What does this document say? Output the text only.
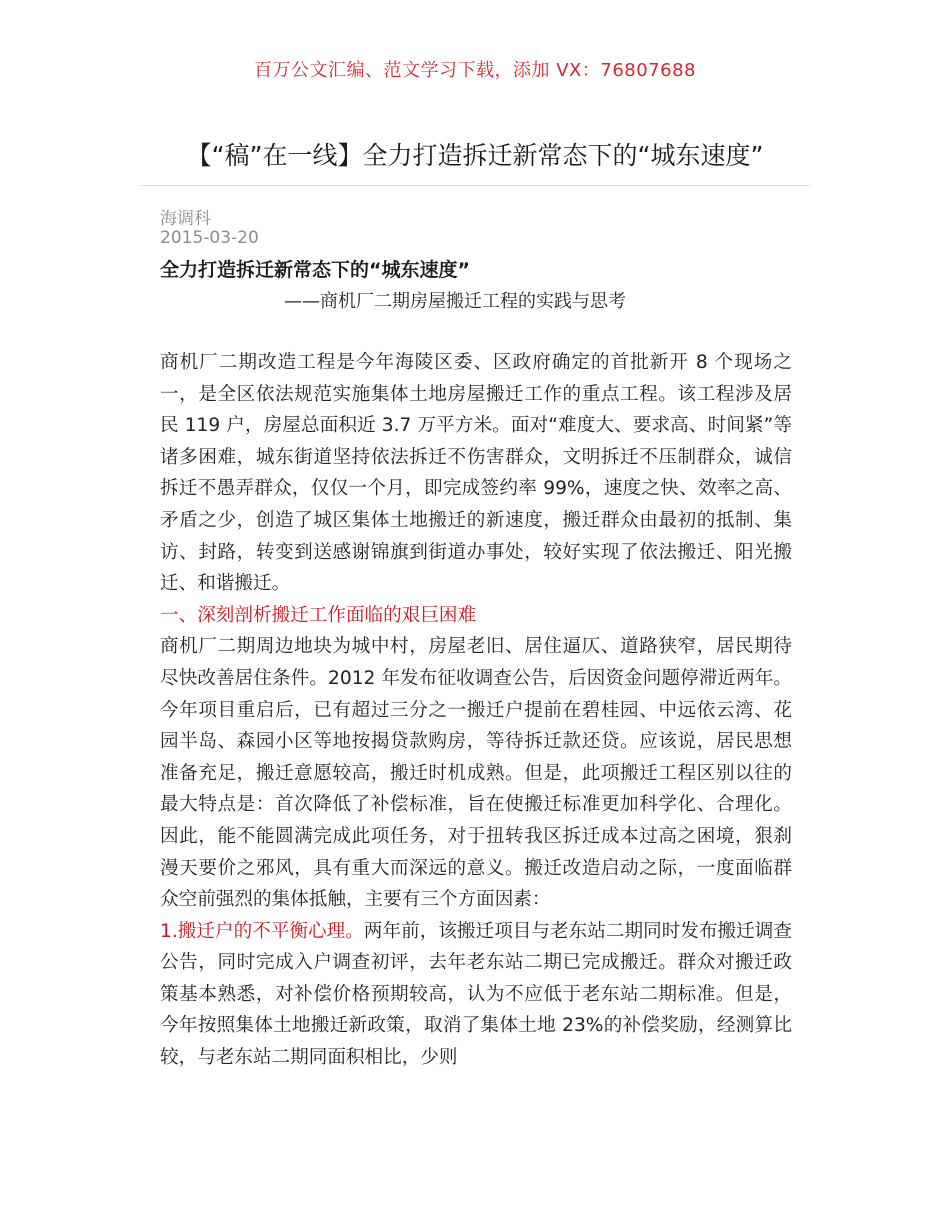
百万公文汇编、范文学习下载，添加 VX：76807688
【“稿”在一线】全力打造拆迁新常态下的“城东速度”
海调科
2015-03-20
全力打造拆迁新常态下的“城东速度”
——商机厂二期房屋搬迁工程的实践与思考

商机厂二期改造工程是今年海陵区委、区政府确定的首批新开 8 个现场之一，是全区依法规范实施集体土地房屋搬迁工作的重点工程。该工程涉及居民 119 户，房屋总面积近 3.7 万平方米。面对“难度大、要求高、时间紧”等诸多困难，城东街道坚持依法拆迁不伤害群众，文明拆迁不压制群众，诚信拆迁不愚弄群众，仅仅一个月，即完成签约率 99%，速度之快、效率之高、矛盾之少，创造了城区集体土地搬迁的新速度，搬迁群众由最初的抵制、集访、封路，转变到送感谢锦旗到街道办事处，较好实现了依法搬迁、阳光搬迁、和谐搬迁。

一、深刻剖析搬迁工作面临的艰巨困难

商机厂二期周边地块为城中村，房屋老旧、居住逼仄、道路狭窄，居民期待尽快改善居住条件。2012 年发布征收调查公告，后因资金问题停滞近两年。今年项目重启后，已有超过三分之一搬迁户提前在碧桂园、中远依云湾、花园半岛、森园小区等地按揭贷款购房，等待拆迁款还贷。应该说，居民思想准备充足，搬迁意愿较高，搬迁时机成熟。但是，此项搬迁工程区别以往的最大特点是：首次降低了补偿标准，旨在使搬迁标准更加科学化、合理化。因此，能不能圆满完成此项任务，对于扭转我区拆迁成本过高之困境，狠刹漫天要价之邪风，具有重大而深远的意义。搬迁改造启动之际，一度面临群众空前强烈的集体抵触，主要有三个方面因素：

1.搬迁户的不平衡心理。两年前，该搬迁项目与老东站二期同时发布搬迁调查公告，同时完成入户调查初评，去年老东站二期已完成搬迁。群众对搬迁政策基本熟悉，对补偿价格预期较高，认为不应低于老东站二期标准。但是，今年按照集体土地搬迁新政策，取消了集体土地 23%的补偿奖励，经测算比较，与老东站二期同面积相比，少则
